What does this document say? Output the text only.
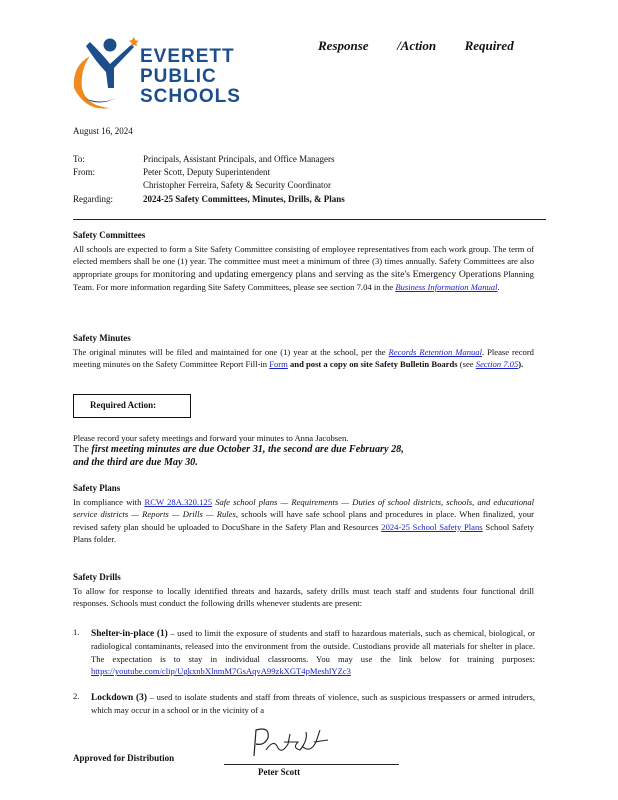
EVERETT
PUBLIC
SCHOOLS
Response /Action Required
August 16, 2024
To:	Principals, Assistant Principals, and Office Managers
From:	Peter Scott, Deputy Superintendent
Christopher Ferreira, Safety & Security Coordinator
Regarding:	2024-25 Safety Committees, Minutes, Drills, & Plans
Safety Committees
All schools are expected to form a Site Safety Committee consisting of employee representatives from each work group. The term of elected members shall be one (1) year. The committee must meet a minimum of three (3) times annually. Safety Committees are also appropriate groups for monitoring and updating emergency plans and serving as the site's Emergency Operations Planning Team. For more information regarding Site Safety Committees, please see section 7.04 in the Business Information Manual.
Safety Minutes
The original minutes will be filed and maintained for one (1) year at the school, per the Records Retention Manual. Please record meeting minutes on the Safety Committee Report Fill-in Form and post a copy on site Safety Bulletin Boards (see Section 7.05).
Required Action:
Please record your safety meetings and forward your minutes to Anna Jacobsen.
The first meeting minutes are due October 31, the second are due February 28,
and the third are due May 30.
Safety Plans
In compliance with RCW 28A.320.125 Safe school plans — Requirements — Duties of school districts, schools, and educational service districts — Reports — Drills — Rules, schools will have safe school plans and procedures in place. When finalized, your revised safety plan should be uploaded to DocuShare in the Safety Plan and Resources 2024-25 School Safety Plans School Safety Plans folder.
Safety Drills
To allow for response to locally identified threats and hazards, safety drills must teach staff and students four functional drill responses. Schools must conduct the following drills whenever students are present:
1. Shelter-in-place (1) – used to limit the exposure of students and staff to hazardous materials, such as chemical, biological, or radiological contaminants, released into the environment from the outside. Custodians provide all materials for shelter in place. The expectation is to stay in individual classrooms. You may use the link below for training purposes: https://youtube.com/clip/UgkxnbXlnmM7GsAqvA99zkXGT4pMeshlYZc3
2. Lockdown (3) – used to isolate students and staff from threats of violence, such as suspicious trespassers or armed intruders, which may occur in a school or in the vicinity of a
Approved for Distribution
Peter Scott
